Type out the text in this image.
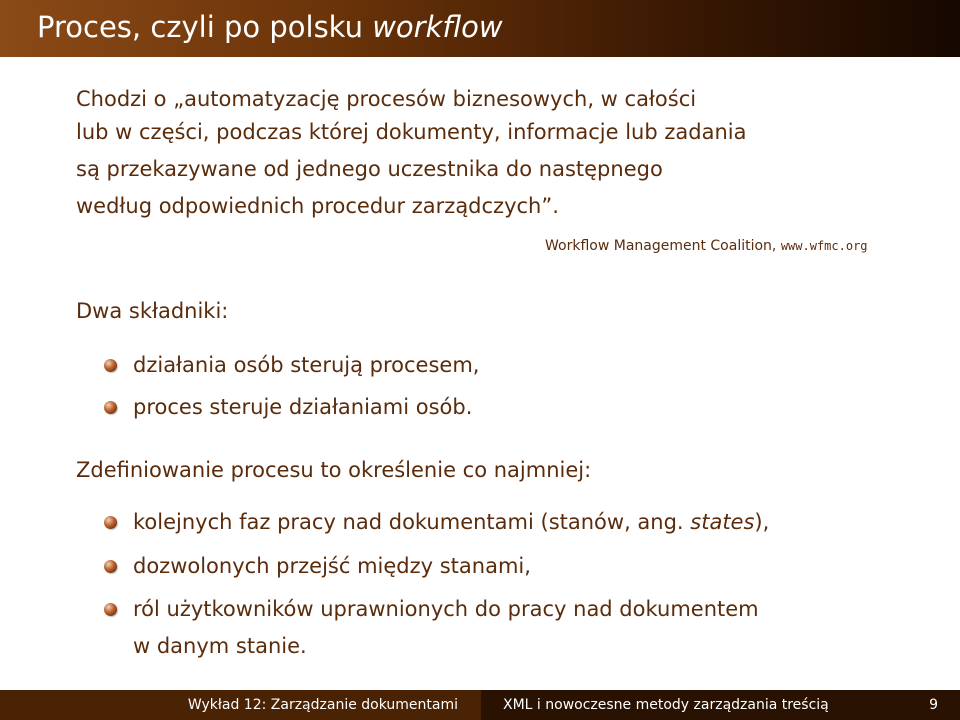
Proces, czyli po polsku workflow
Chodzi o „automatyzację procesów biznesowych, w całości
lub w części, podczas której dokumenty, informacje lub zadania
są przekazywane od jednego uczestnika do następnego
według odpowiednich procedur zarządczych”.
Workflow Management Coalition, www.wfmc.org
Dwa składniki:
działania osób sterują procesem,
proces steruje działaniami osób.
Zdefiniowanie procesu to określenie co najmniej:
kolejnych faz pracy nad dokumentami (stanów, ang. states),
dozwolonych przejść między stanami,
ról użytkowników uprawnionych do pracy nad dokumentem
w danym stanie.
Wykład 12: Zarządzanie dokumentami	XML i nowoczesne metody zarządzania treścią	9
